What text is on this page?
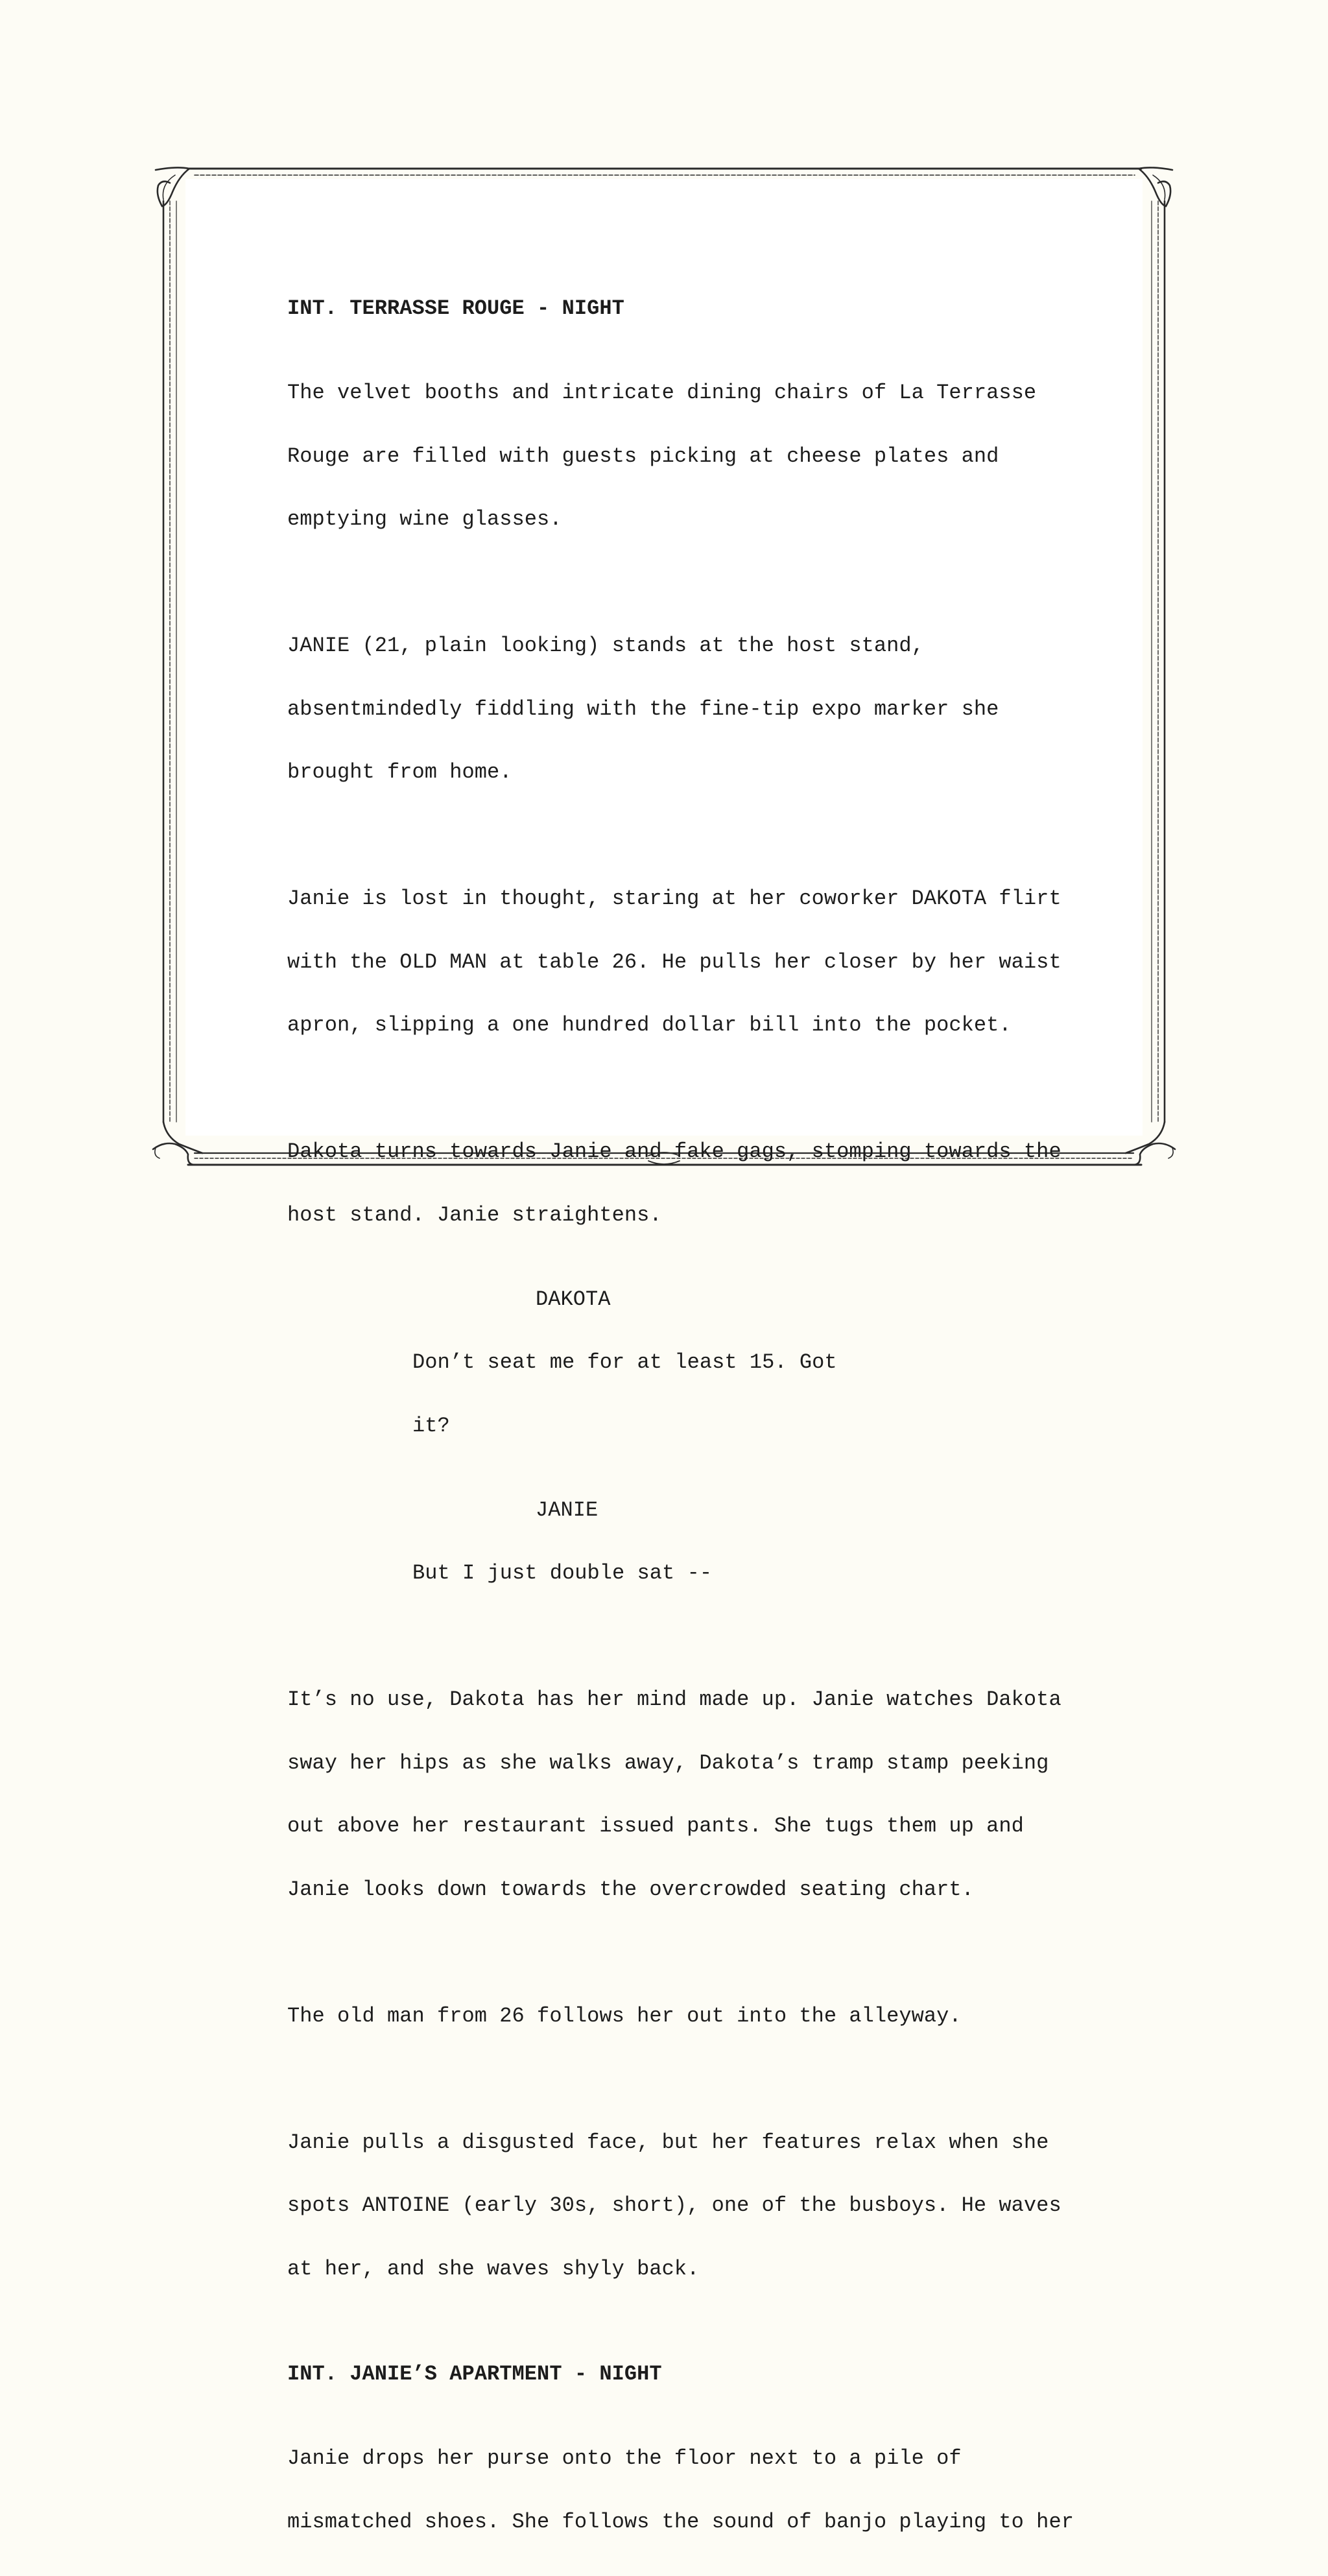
INT. TERRASSE ROUGE - NIGHT

The velvet booths and intricate dining chairs of La Terrasse

Rouge are filled with guests picking at cheese plates and

emptying wine glasses.

JANIE (21, plain looking) stands at the host stand,

absentmindedly fiddling with the fine-tip expo marker she

brought from home.

Janie is lost in thought, staring at her coworker DAKOTA flirt

with the OLD MAN at table 26. He pulls her closer by her waist

apron, slipping a one hundred dollar bill into the pocket.

Dakota turns towards Janie and fake gags, stomping towards the

host stand. Janie straightens.

DAKOTA

Don’t seat me for at least 15. Got

it?

JANIE

But I just double sat --

It’s no use, Dakota has her mind made up. Janie watches Dakota

sway her hips as she walks away, Dakota’s tramp stamp peeking

out above her restaurant issued pants. She tugs them up and

Janie looks down towards the overcrowded seating chart.

The old man from 26 follows her out into the alleyway.

Janie pulls a disgusted face, but her features relax when she

spots ANTOINE (early 30s, short), one of the busboys. He waves

at her, and she waves shyly back.

INT. JANIE’S APARTMENT - NIGHT

Janie drops her purse onto the floor next to a pile of

mismatched shoes. She follows the sound of banjo playing to her
